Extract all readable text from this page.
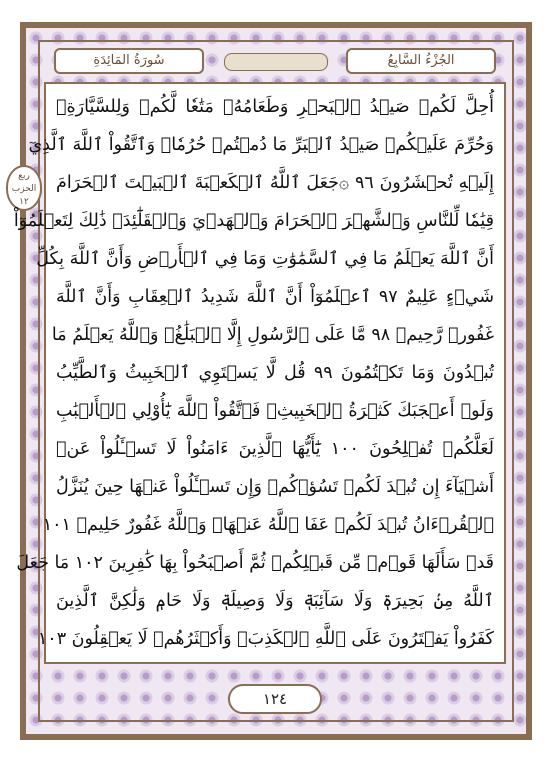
الجُزْءُ السَّابِعُ
سُورَةُ المَائِدَةِ
ربع الحزب ١٢
أُحِلَّ لَكُمۡ صَيۡدُ ٱلۡبَحۡرِ وَطَعَامُهُۥ مَتَٰعٗا لَّكُمۡ وَلِلسَّيَّارَةِۖ
وَحُرِّمَ عَلَيۡكُمۡ صَيۡدُ ٱلۡبَرِّ مَا دُمۡتُمۡ حُرُمٗاۗ وَٱتَّقُواْ ٱللَّهَ ٱلَّذِيٓ
إِلَيۡهِ تُحۡشَرُونَ ٩٦ ۞جَعَلَ ٱللَّهُ ٱلۡكَعۡبَةَ ٱلۡبَيۡتَ ٱلۡحَرَامَ
قِيَٰمٗا لِّلنَّاسِ وَٱلشَّهۡرَ ٱلۡحَرَامَ وَٱلۡهَدۡيَ وَٱلۡقَلَٰٓئِدَۚ ذَٰلِكَ لِتَعۡلَمُوٓاْ
أَنَّ ٱللَّهَ يَعۡلَمُ مَا فِي ٱلسَّمَٰوَٰتِ وَمَا فِي ٱلۡأَرۡضِ وَأَنَّ ٱللَّهَ بِكُلِّ
شَيۡءٍ عَلِيمٌ ٩٧ ٱعۡلَمُوٓاْ أَنَّ ٱللَّهَ شَدِيدُ ٱلۡعِقَابِ وَأَنَّ ٱللَّهَ
غَفُورٞ رَّحِيمٞ ٩٨ مَّا عَلَى ٱلرَّسُولِ إِلَّا ٱلۡبَلَٰغُۗ وَٱللَّهُ يَعۡلَمُ مَا
تُبۡدُونَ وَمَا تَكۡتُمُونَ ٩٩ قُل لَّا يَسۡتَوِي ٱلۡخَبِيثُ وَٱلطَّيِّبُ
وَلَوۡ أَعۡجَبَكَ كَثۡرَةُ ٱلۡخَبِيثِۚ فَٱتَّقُواْ ٱللَّهَ يَٰٓأُوْلِي ٱلۡأَلۡبَٰبِ
لَعَلَّكُمۡ تُفۡلِحُونَ ١٠٠ يَٰٓأَيُّهَا ٱلَّذِينَ ءَامَنُواْ لَا تَسۡـَٔلُواْ عَنۡ
أَشۡيَآءَ إِن تُبۡدَ لَكُمۡ تَسُؤۡكُمۡ وَإِن تَسۡـَٔلُواْ عَنۡهَا حِينَ يُنَزَّلُ
ٱلۡقُرۡءَانُ تُبۡدَ لَكُمۡ عَفَا ٱللَّهُ عَنۡهَاۗ وَٱللَّهُ غَفُورٌ حَلِيمٞ ١٠١
قَدۡ سَأَلَهَا قَوۡمٞ مِّن قَبۡلِكُمۡ ثُمَّ أَصۡبَحُواْ بِهَا كَٰفِرِينَ ١٠٢ مَا جَعَلَ
ٱللَّهُ مِنۢ بَحِيرَةٖ وَلَا سَآئِبَةٖ وَلَا وَصِيلَةٖ وَلَا حَامٖ وَلَٰكِنَّ ٱلَّذِينَ
كَفَرُواْ يَفۡتَرُونَ عَلَى ٱللَّهِ ٱلۡكَذِبَۖ وَأَكۡثَرُهُمۡ لَا يَعۡقِلُونَ ١٠٣
١٢٤
